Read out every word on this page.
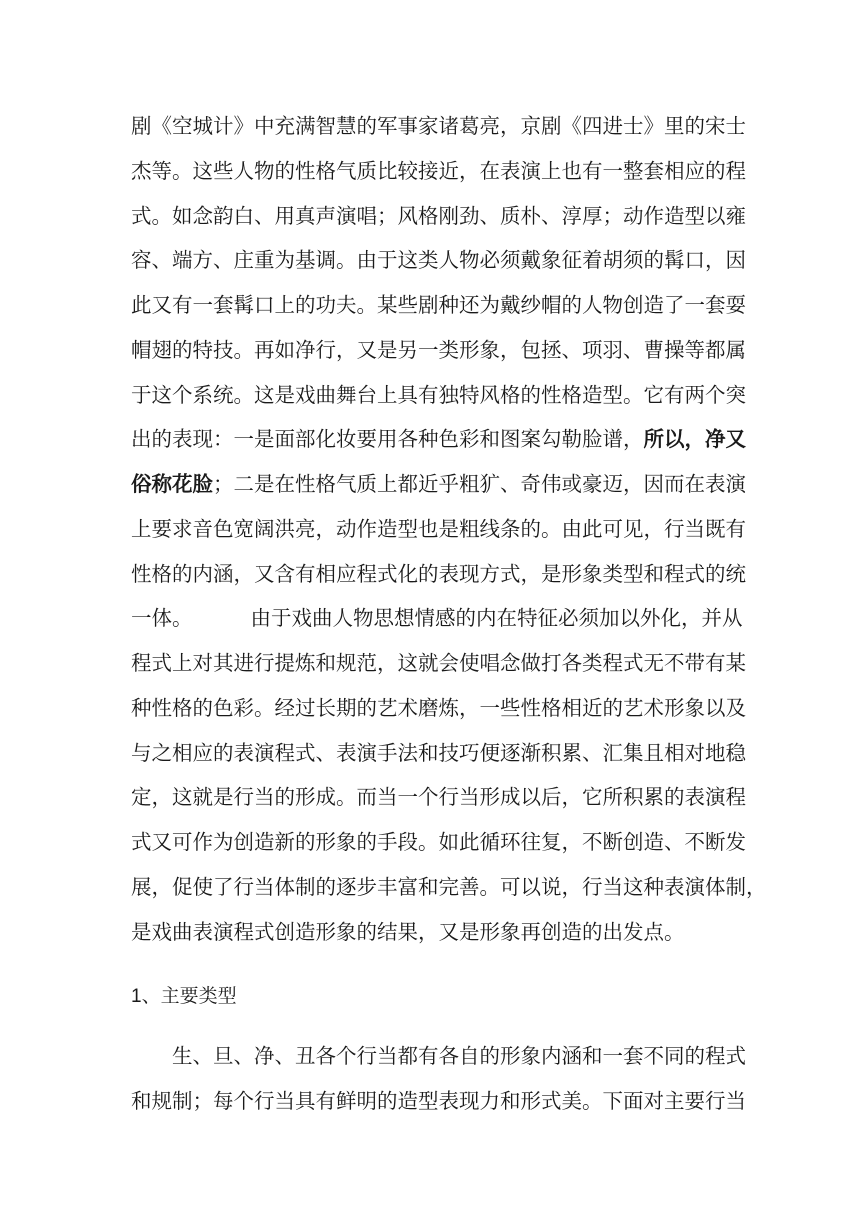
剧《空城计》中充满智慧的军事家诸葛亮，京剧《四进士》里的宋士
杰等。这些人物的性格气质比较接近，在表演上也有一整套相应的程
式。如念韵白、用真声演唱；风格刚劲、质朴、淳厚；动作造型以雍
容、端方、庄重为基调。由于这类人物必须戴象征着胡须的髯口，因
此又有一套髯口上的功夫。某些剧种还为戴纱帽的人物创造了一套耍
帽翅的特技。再如净行，又是另一类形象，包拯、项羽、曹操等都属
于这个系统。这是戏曲舞台上具有独特风格的性格造型。它有两个突
出的表现：一是面部化妆要用各种色彩和图案勾勒脸谱，所以，净又
俗称花脸；二是在性格气质上都近乎粗犷、奇伟或豪迈，因而在表演
上要求音色宽阔洪亮，动作造型也是粗线条的。由此可见，行当既有
性格的内涵，又含有相应程式化的表现方式，是形象类型和程式的统
一体。	由于戏曲人物思想情感的内在特征必须加以外化，并从
程式上对其进行提炼和规范，这就会使唱念做打各类程式无不带有某
种性格的色彩。经过长期的艺术磨炼，一些性格相近的艺术形象以及
与之相应的表演程式、表演手法和技巧便逐渐积累、汇集且相对地稳
定，这就是行当的形成。而当一个行当形成以后，它所积累的表演程
式又可作为创造新的形象的手段。如此循环往复，不断创造、不断发
展，促使了行当体制的逐步丰富和完善。可以说，行当这种表演体制，
是戏曲表演程式创造形象的结果，又是形象再创造的出发点。
1、主要类型
生、旦、净、丑各个行当都有各自的形象内涵和一套不同的程式
和规制；每个行当具有鲜明的造型表现力和形式美。下面对主要行当
